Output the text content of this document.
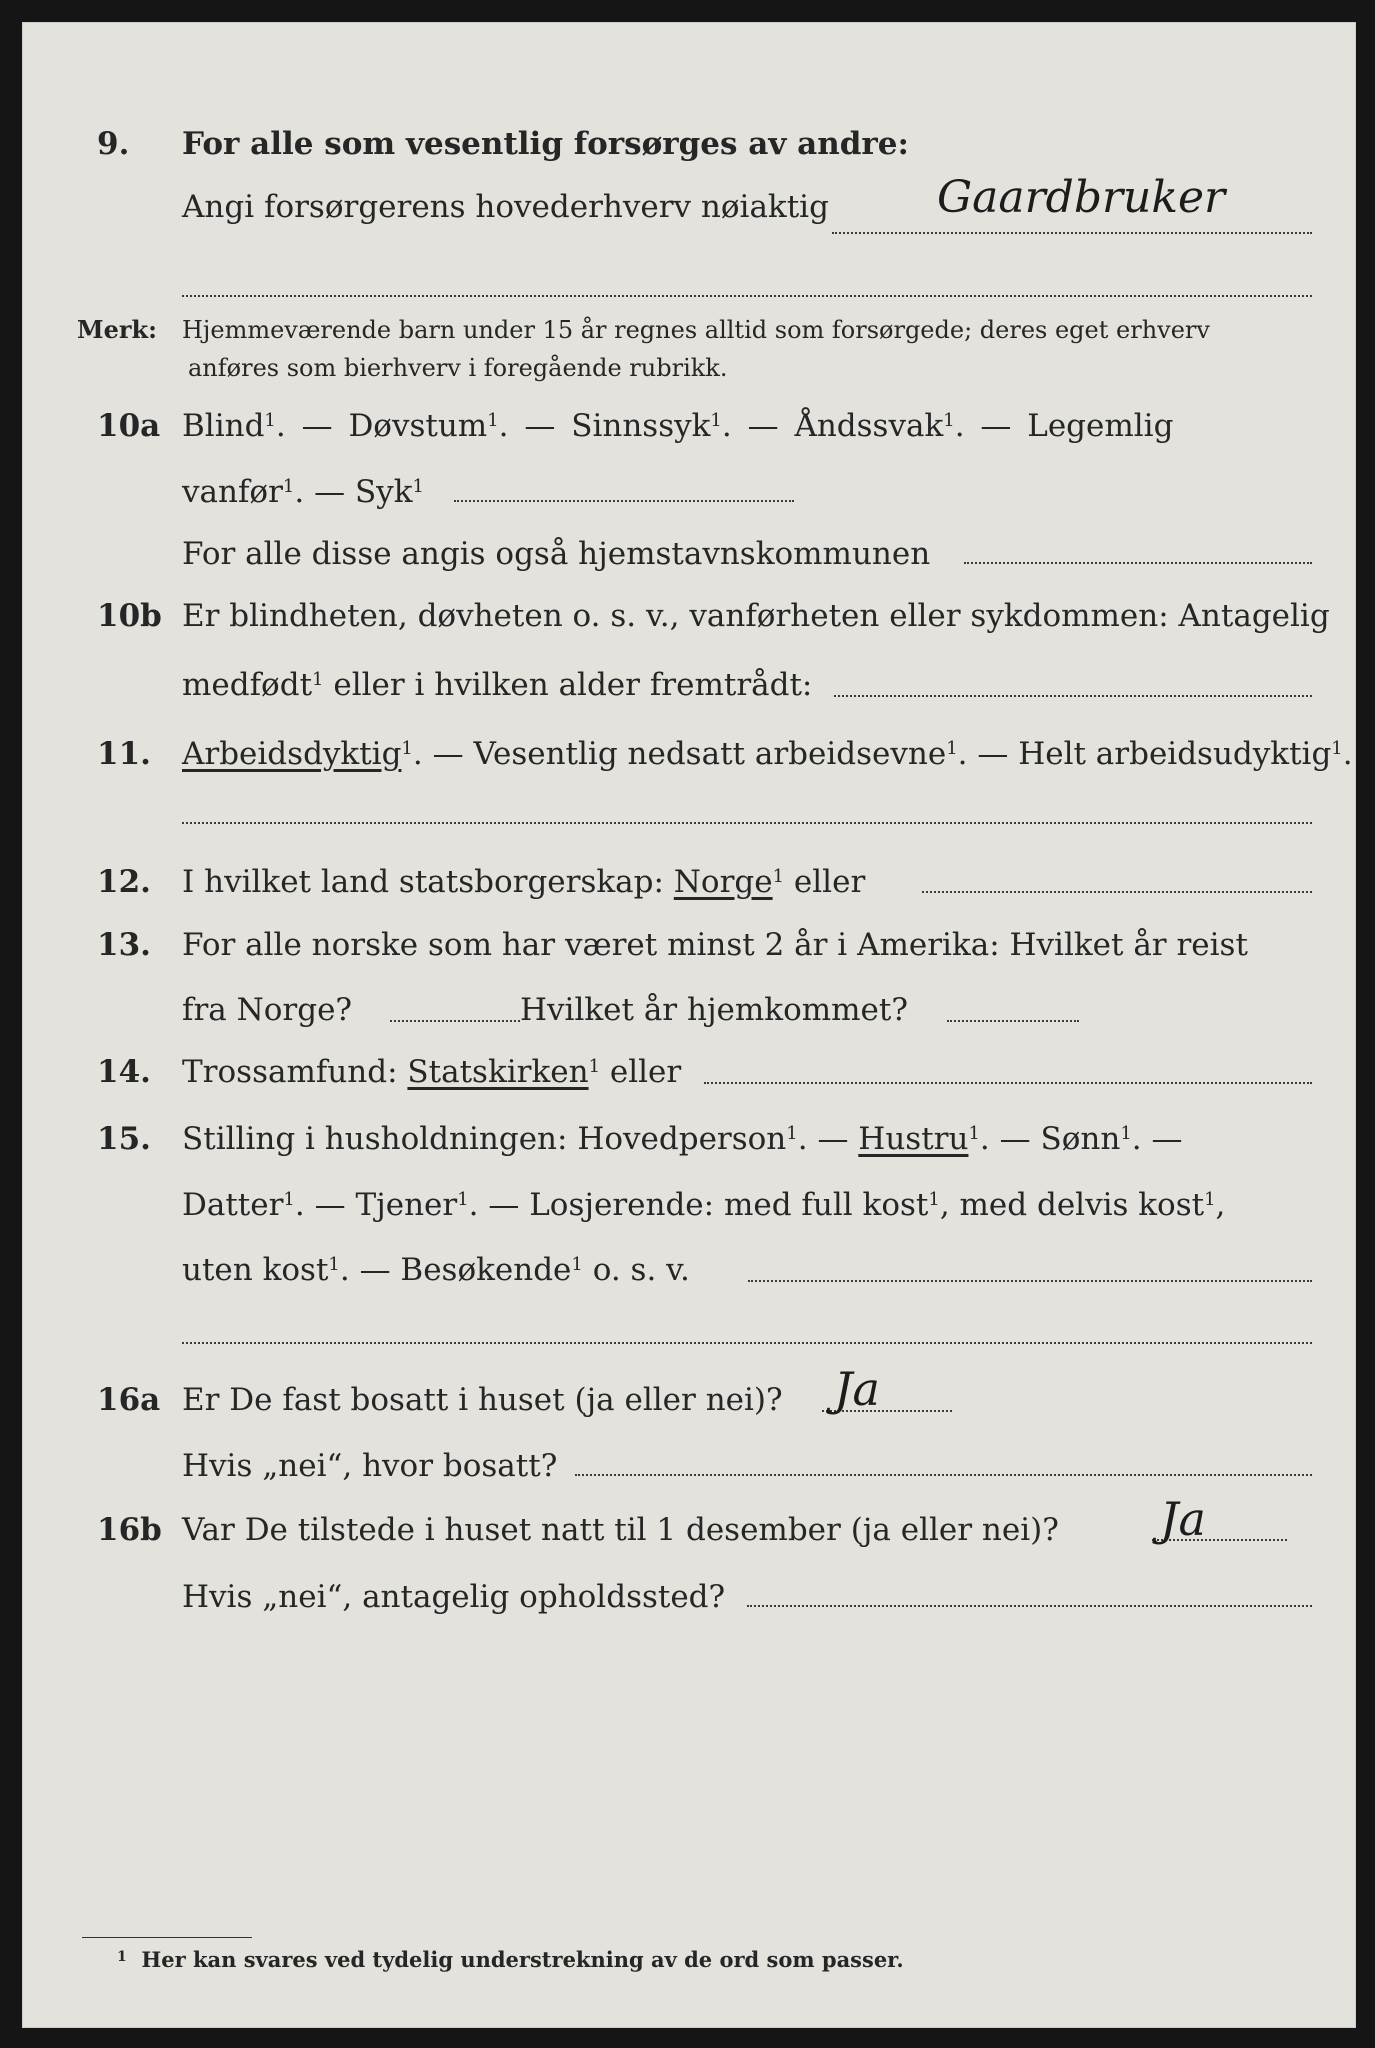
9. For alle som vesentlig forsørges av andre:
Angi forsørgerens hovederhverv nøiaktig Gaardbruker
Merk: Hjemmeværende barn under 15 år regnes alltid som forsørgede; deres eget erhverv
anføres som bierhverv i foregående rubrikk.
10a Blind$^1$. — Døvstum$^1$. — Sinnssyk$^1$. — Åndssvak$^1$. — Legemlig
vanfør$^1$. — Syk$^1$
For alle disse angis også hjemstavnskommunen
10b Er blindheten, døvheten o. s. v., vanførheten eller sykdommen: Antagelig
medfødt$^1$ eller i hvilken alder fremtrådt:
11. Arbeidsdyktig$^1$. — Vesentlig nedsatt arbeidsevne$^1$. — Helt arbeidsudyktig$^1$.
12. I hvilket land statsborgerskap: Norge$^1$ eller
13. For alle norske som har været minst 2 år i Amerika: Hvilket år reist
fra Norge?	Hvilket år hjemkommet?
14. Trossamfund: Statskirken$^1$ eller
15. Stilling i husholdningen: Hovedperson$^1$. — Hustru$^1$. — Sønn$^1$. —
Datter$^1$. — Tjener$^1$. — Losjerende: med full kost$^1$, med delvis kost$^1$,
uten kost$^1$. — Besøkende$^1$ o. s. v.
16a Er De fast bosatt i huset (ja eller nei)? Ja
Hvis „nei“, hvor bosatt?
16b Var De tilstede i huset natt til 1 desember (ja eller nei)? Ja
Hvis „nei“, antagelig opholdssted?
$^1$ Her kan svares ved tydelig understrekning av de ord som passer.
